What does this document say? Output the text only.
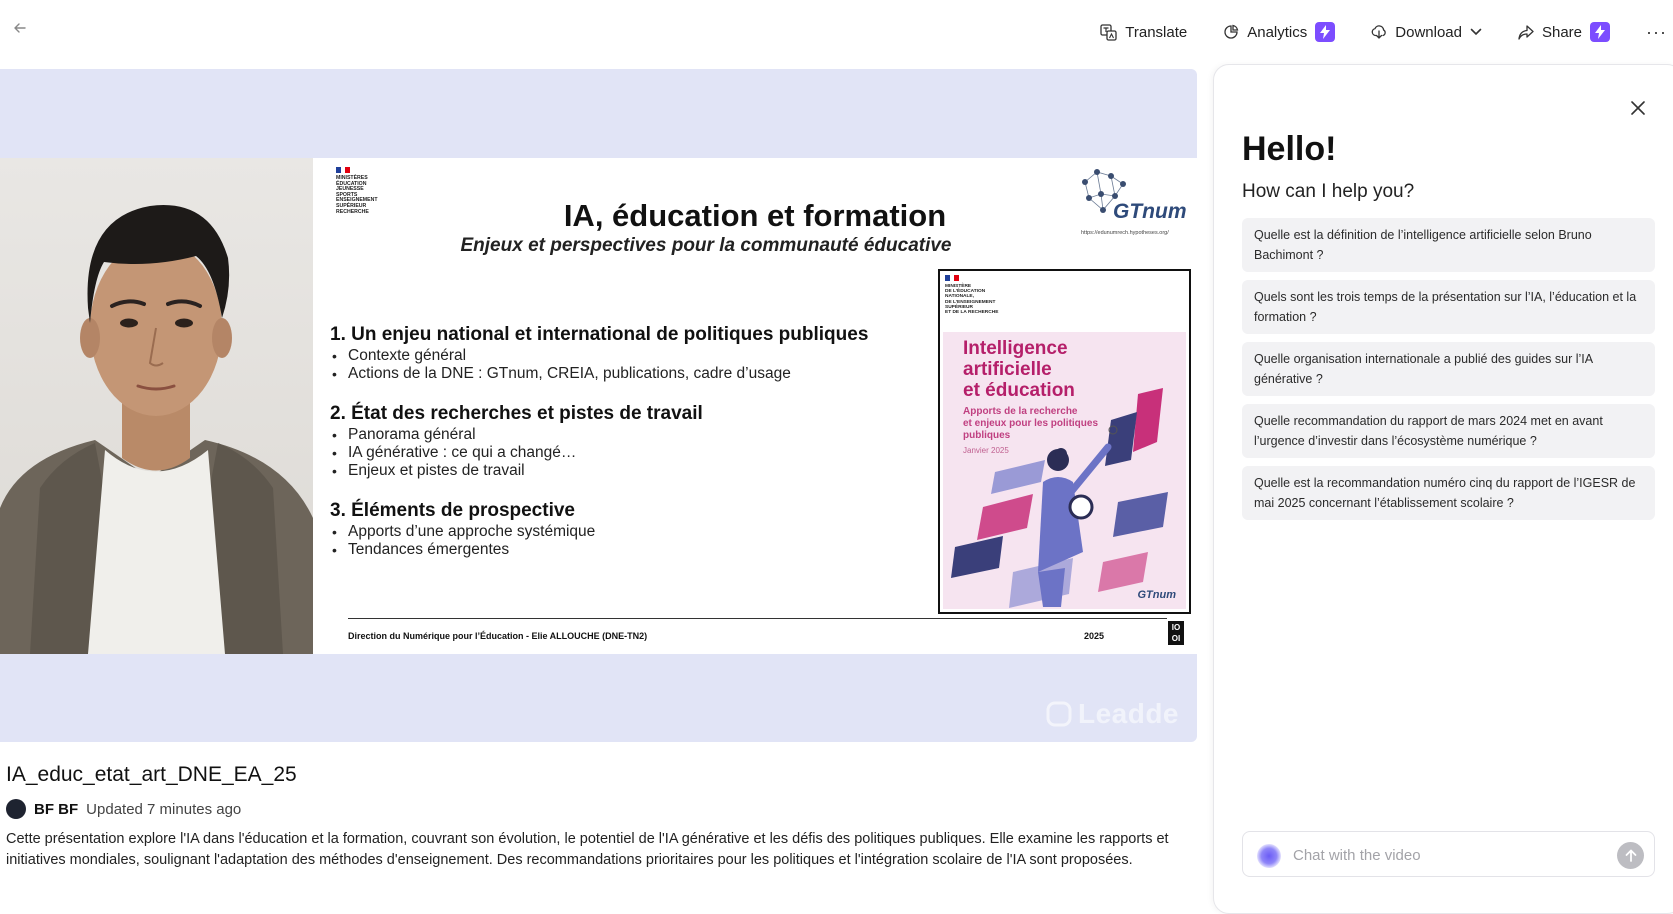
Translate	Analytics	Download	Share	···
MINISTÈRES
ÉDUCATION
JEUNESSE
SPORTS
ENSEIGNEMENT
SUPÉRIEUR
RECHERCHE	GTnum
https://edunumrech.hypotheses.org/
IA, éducation et formation
Enjeux et perspectives pour la communauté éducative
1. Un enjeu national et international de politiques publiques
• Contexte général
• Actions de la DNE : GTnum, CREIA, publications, cadre d’usage
2. État des recherches et pistes de travail
• Panorama général
• IA générative : ce qui a changé…
• Enjeux et pistes de travail
3. Éléments de prospective
• Apports d’une approche systémique
• Tendances émergentes
MINISTÈRE
DE L’ÉDUCATION
NATIONALE,
DE L’ENSEIGNEMENT
SUPÉRIEUR
ET DE LA RECHERCHE
Intelligence
artificielle
et éducation
Apports de la recherche
et enjeux pour les politiques
publiques
Janvier 2025
GTnum
Direction du Numérique pour l’Éducation - Elie ALLOUCHE (DNE-TN2)	2025
IO
OI
Leadde
IA_educ_etat_art_DNE_EA_25
BF BF Updated 7 minutes ago
Cette présentation explore l'IA dans l'éducation et la formation, couvrant son évolution, le potentiel de l'IA générative et les défis des politiques publiques. Elle examine les rapports et initiatives mondiales, soulignant l'adaptation des méthodes d'enseignement. Des recommandations prioritaires pour les politiques et l'intégration scolaire de l'IA sont proposées.
Hello!
How can I help you?
Quelle est la définition de l’intelligence artificielle selon Bruno Bachimont ?
Quels sont les trois temps de la présentation sur l’IA, l’éducation et la formation ?
Quelle organisation internationale a publié des guides sur l’IA générative ?
Quelle recommandation du rapport de mars 2024 met en avant l’urgence d’investir dans l’écosystème numérique ?
Quelle est la recommandation numéro cinq du rapport de l’IGESR de mai 2025 concernant l’établissement scolaire ?
Chat with the video
